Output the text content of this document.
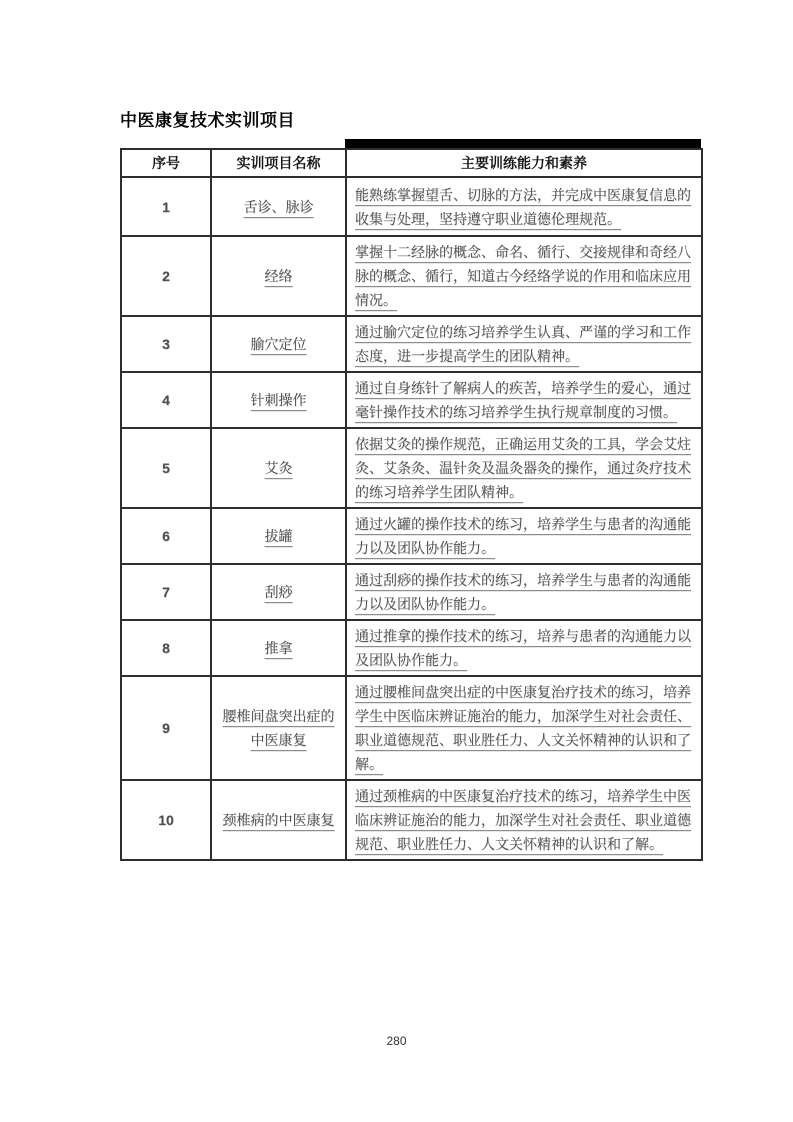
中医康复技术实训项目
序号	实训项目名称	主要训练能力和素养
1	舌诊、脉诊	能熟练掌握望舌、切脉的方法，并完成中医康复信息的收集与处理，坚持遵守职业道德伦理规范。
2	经络	掌握十二经脉的概念、命名、循行、交接规律和奇经八脉的概念、循行，知道古今经络学说的作用和临床应用情况。
3	腧穴定位	通过腧穴定位的练习培养学生认真、严谨的学习和工作态度，进一步提高学生的团队精神。
4	针刺操作	通过自身练针了解病人的疾苦，培养学生的爱心，通过毫针操作技术的练习培养学生执行规章制度的习惯。
5	艾灸	依据艾灸的操作规范，正确运用艾灸的工具，学会艾炷灸、艾条灸、温针灸及温灸器灸的操作，通过灸疗技术的练习培养学生团队精神。
6	拔罐	通过火罐的操作技术的练习，培养学生与患者的沟通能力以及团队协作能力。
7	刮痧	通过刮痧的操作技术的练习，培养学生与患者的沟通能力以及团队协作能力。
8	推拿	通过推拿的操作技术的练习，培养与患者的沟通能力以及团队协作能力。
9	腰椎间盘突出症的中医康复	通过腰椎间盘突出症的中医康复治疗技术的练习，培养学生中医临床辨证施治的能力，加深学生对社会责任、职业道德规范、职业胜任力、人文关怀精神的认识和了解。
10	颈椎病的中医康复	通过颈椎病的中医康复治疗技术的练习，培养学生中医临床辨证施治的能力，加深学生对社会责任、职业道德规范、职业胜任力、人文关怀精神的认识和了解。
280
